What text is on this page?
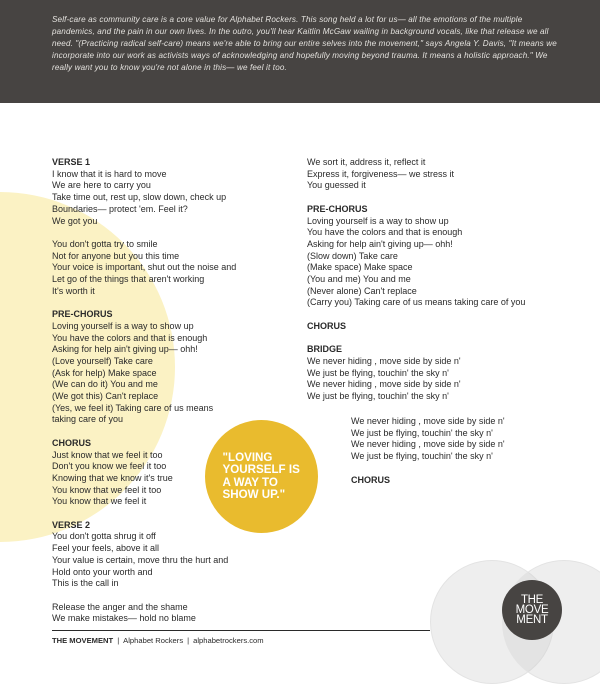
Self-care as community care is a core value for Alphabet Rockers. This song held a lot for us— all the emotions of the multiple pandemics, and the pain in our own lives. In the outro, you'll hear Kaitlin McGaw wailing in background vocals, like that release we all need. "(Practicing radical self-care) means we're able to bring our entire selves into the movement," says Angela Y. Davis, "It means we incorporate into our work as activists ways of acknowledging and hopefully moving beyond trauma. It means a holistic approach." We really want you to know you're not alone in this— we feel it too.

VERSE 1
I know that it is hard to move
We are here to carry you
Take time out, rest up, slow down, check up
Boundaries— protect 'em. Feel it?
We got you
You don't gotta try to smile
Not for anyone but you this time
Your voice is important, shut out the noise and
Let go of the things that aren't working
It's worth it
PRE-CHORUS
Loving yourself is a way to show up
You have the colors and that is enough
Asking for help ain't giving up— ohh!
(Love yourself) Take care
(Ask for help) Make space
(We can do it) You and me
(We got this) Can't replace
(Yes, we feel it) Taking care of us means
taking care of you
CHORUS
Just know that we feel it too
Don't you know we feel it too
Knowing that we know it's true
You know that we feel it too
You know that we feel it
VERSE 2
You don't gotta shrug it off
Feel your feels, above it all
Your value is certain, move thru the hurt and
Hold onto your worth and
This is the call in
Release the anger and the shame
We make mistakes— hold no blame
We sort it, address it, reflect it
Express it, forgiveness— we stress it
You guessed it
PRE-CHORUS
Loving yourself is a way to show up
You have the colors and that is enough
Asking for help ain't giving up— ohh!
(Slow down) Take care
(Make space) Make space
(You and me) You and me
(Never alone) Can't replace
(Carry you) Taking care of us means taking care of you
CHORUS
BRIDGE
We never hiding , move side by side n'
We just be flying, touchin' the sky n'
We never hiding , move side by side n'
We just be flying, touchin' the sky n'
We never hiding , move side by side n'
We just be flying, touchin' the sky n'
We never hiding , move side by side n'
We just be flying, touchin' the sky n'
CHORUS
"LOVING YOURSELF IS A WAY TO SHOW UP."
THE MOVEMENT | Alphabet Rockers | alphabetrockers.com
THE
MOVE
MENT
